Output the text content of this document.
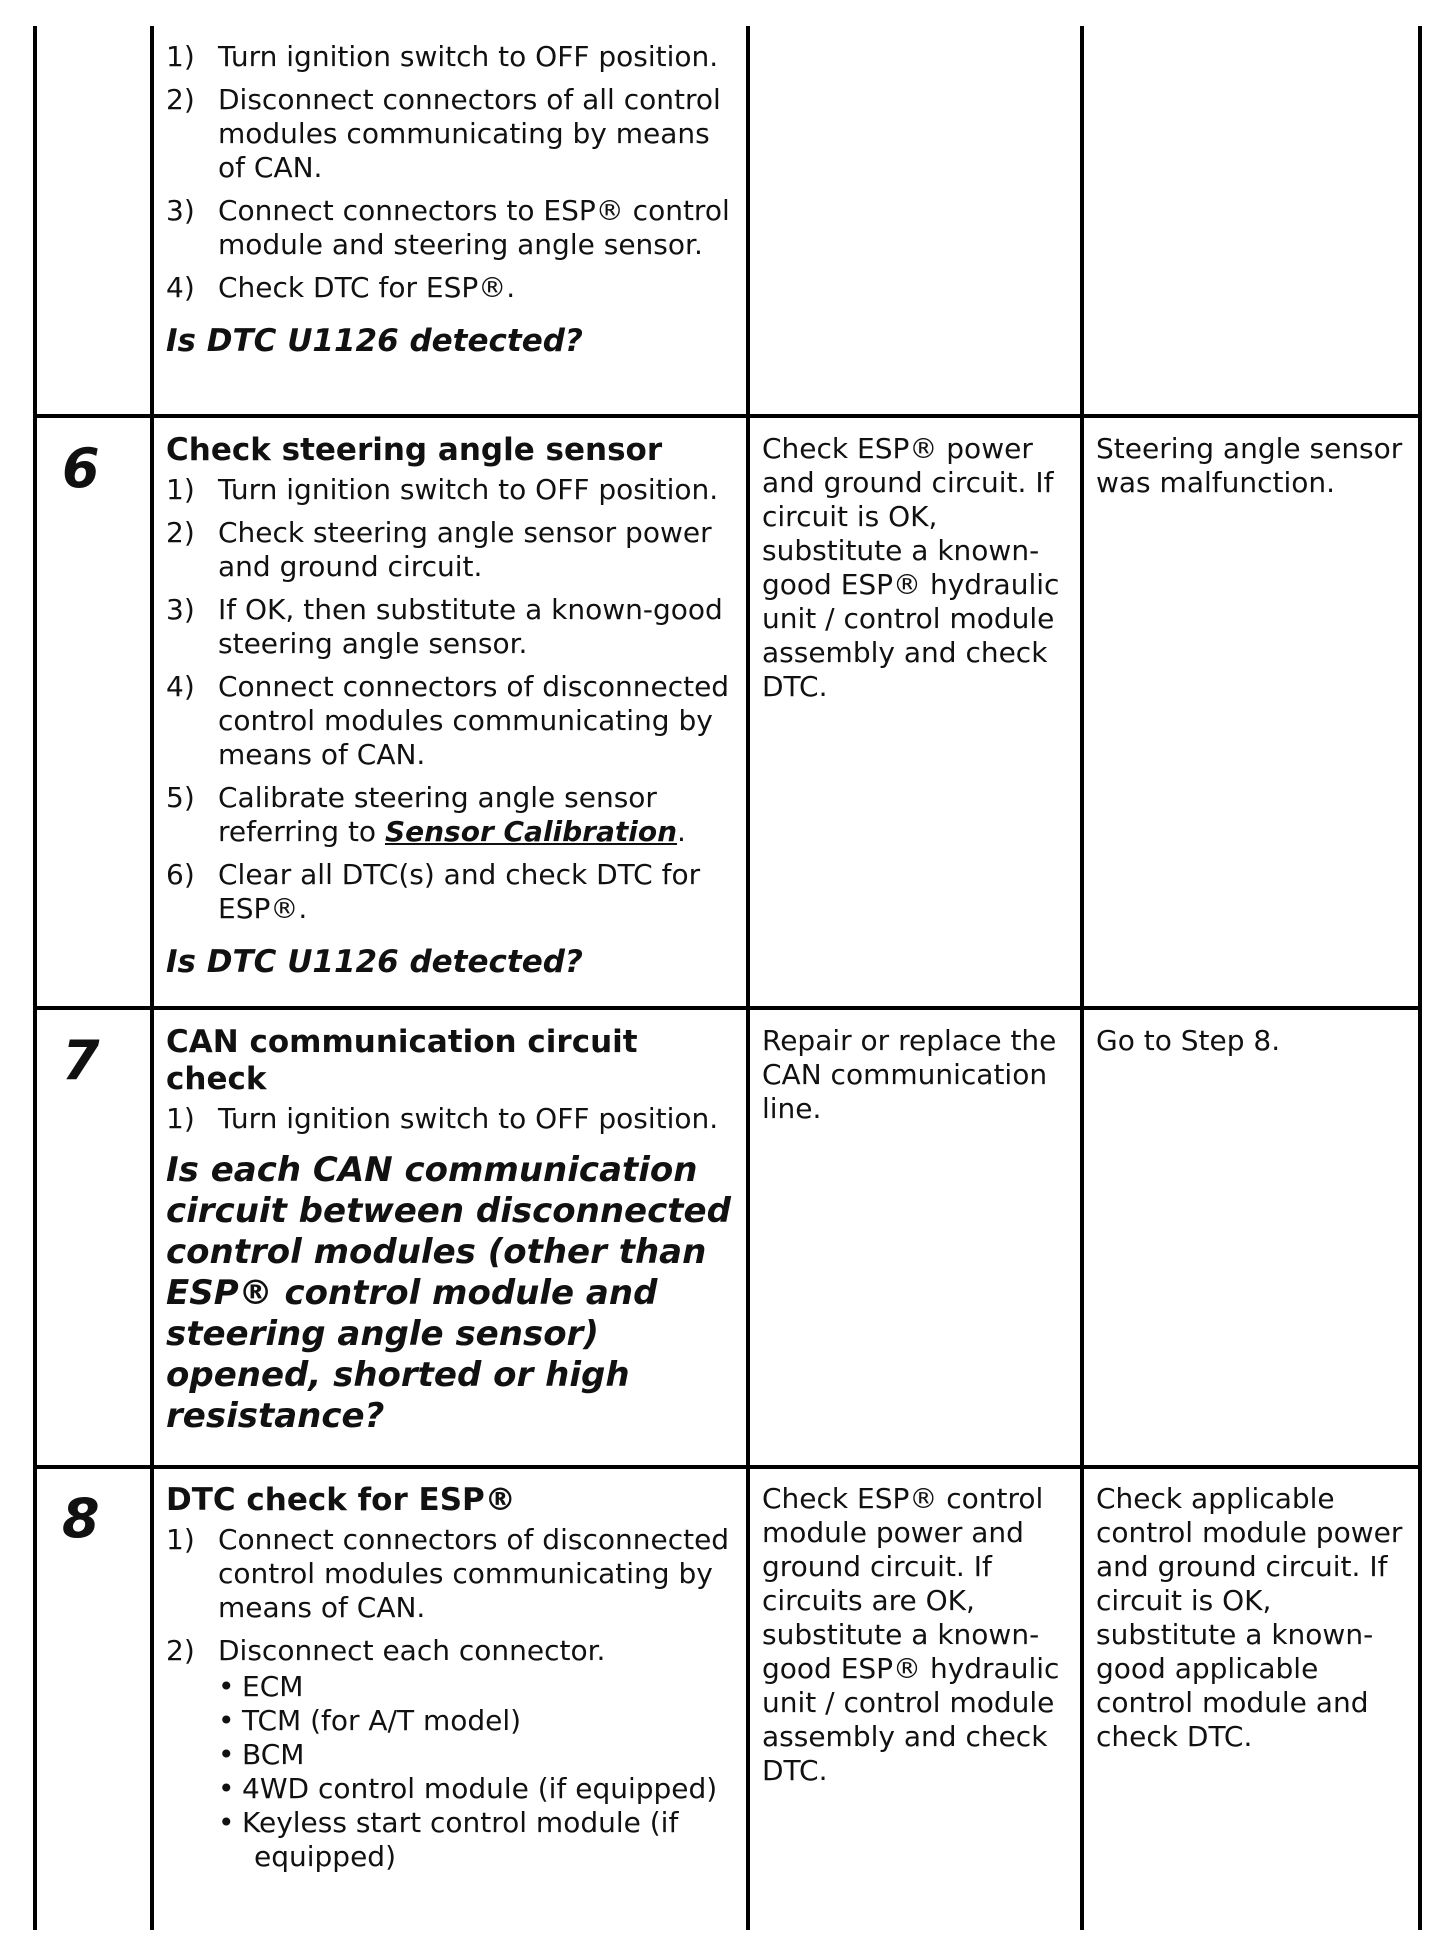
1) Turn ignition switch to OFF position.
2) Disconnect connectors of all control modules communicating by means of CAN.
3) Connect connectors to ESP® control module and steering angle sensor.
4) Check DTC for ESP®.
Is DTC U1126 detected?
6 Check steering angle sensor
1) Turn ignition switch to OFF position.
2) Check steering angle sensor power and ground circuit.
3) If OK, then substitute a known-good steering angle sensor.
4) Connect connectors of disconnected control modules communicating by means of CAN.
5) Calibrate steering angle sensor referring to Sensor Calibration.
6) Clear all DTC(s) and check DTC for ESP®.
Is DTC U1126 detected?
Check ESP® power and ground circuit. If circuit is OK, substitute a known-good ESP® hydraulic unit / control module assembly and check DTC.
Steering angle sensor was malfunction.
7 CAN communication circuit check
1) Turn ignition switch to OFF position.
Is each CAN communication circuit between disconnected control modules (other than ESP® control module and steering angle sensor) opened, shorted or high resistance?
Repair or replace the CAN communication line.
Go to Step 8.
8 DTC check for ESP®
1) Connect connectors of disconnected control modules communicating by means of CAN.
2) Disconnect each connector.
• ECM
• TCM (for A/T model)
• BCM
• 4WD control module (if equipped)
• Keyless start control module (if equipped)
Check ESP® control module power and ground circuit. If circuits are OK, substitute a known-good ESP® hydraulic unit / control module assembly and check DTC.
Check applicable control module power and ground circuit. If circuit is OK, substitute a known-good applicable control module and check DTC.
